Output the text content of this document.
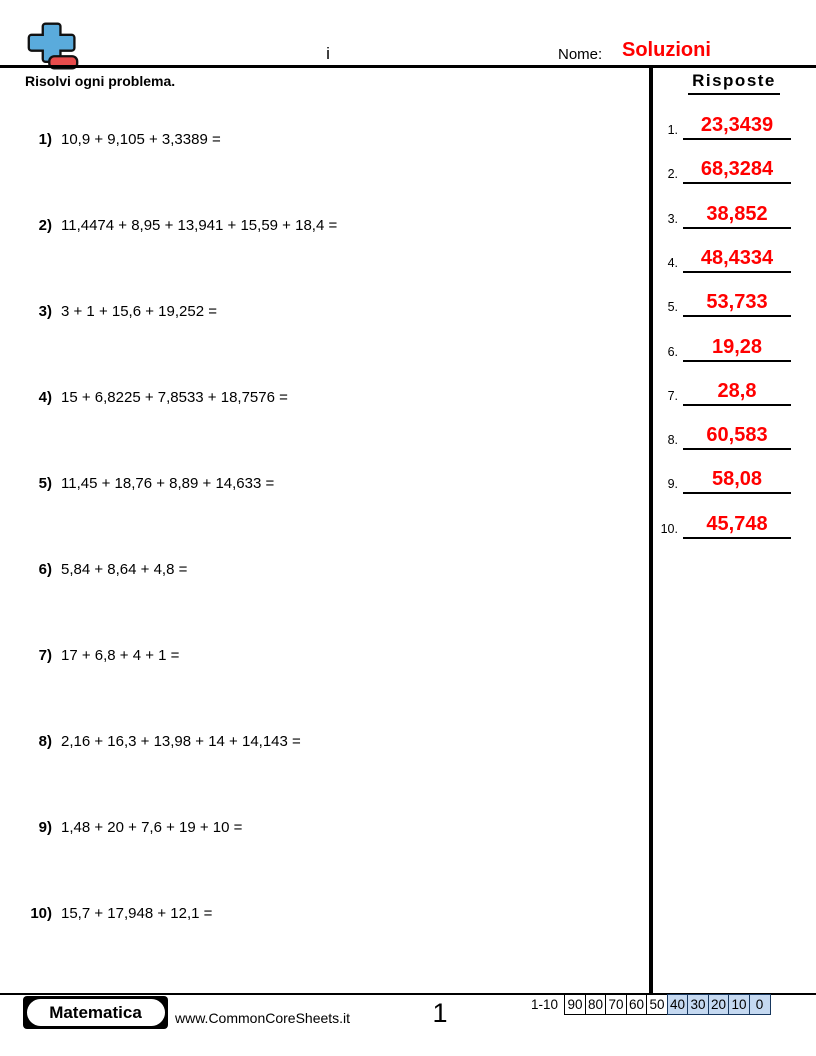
i	Nome: Soluzioni
Risolvi ogni problema.
1) 10,9 + 9,105 + 3,3389 =
2) 11,4474 + 8,95 + 13,941 + 15,59 + 18,4 =
3) 3 + 1 + 15,6 + 19,252 =
4) 15 + 6,8225 + 7,8533 + 18,7576 =
5) 11,45 + 18,76 + 8,89 + 14,633 =
6) 5,84 + 8,64 + 4,8 =
7) 17 + 6,8 + 4 + 1 =
8) 2,16 + 16,3 + 13,98 + 14 + 14,143 =
9) 1,48 + 20 + 7,6 + 19 + 10 =
10) 15,7 + 17,948 + 12,1 =
Risposte
1.	23,3439
2.	68,3284
3.	38,852
4.	48,4334
5.	53,733
6.	19,28
7.	28,8
8.	60,583
9.	58,08
10.	45,748
Matematica	www.CommonCoreSheets.it	1	1-10 90 80 70 60 50 40 30 20 10 0
